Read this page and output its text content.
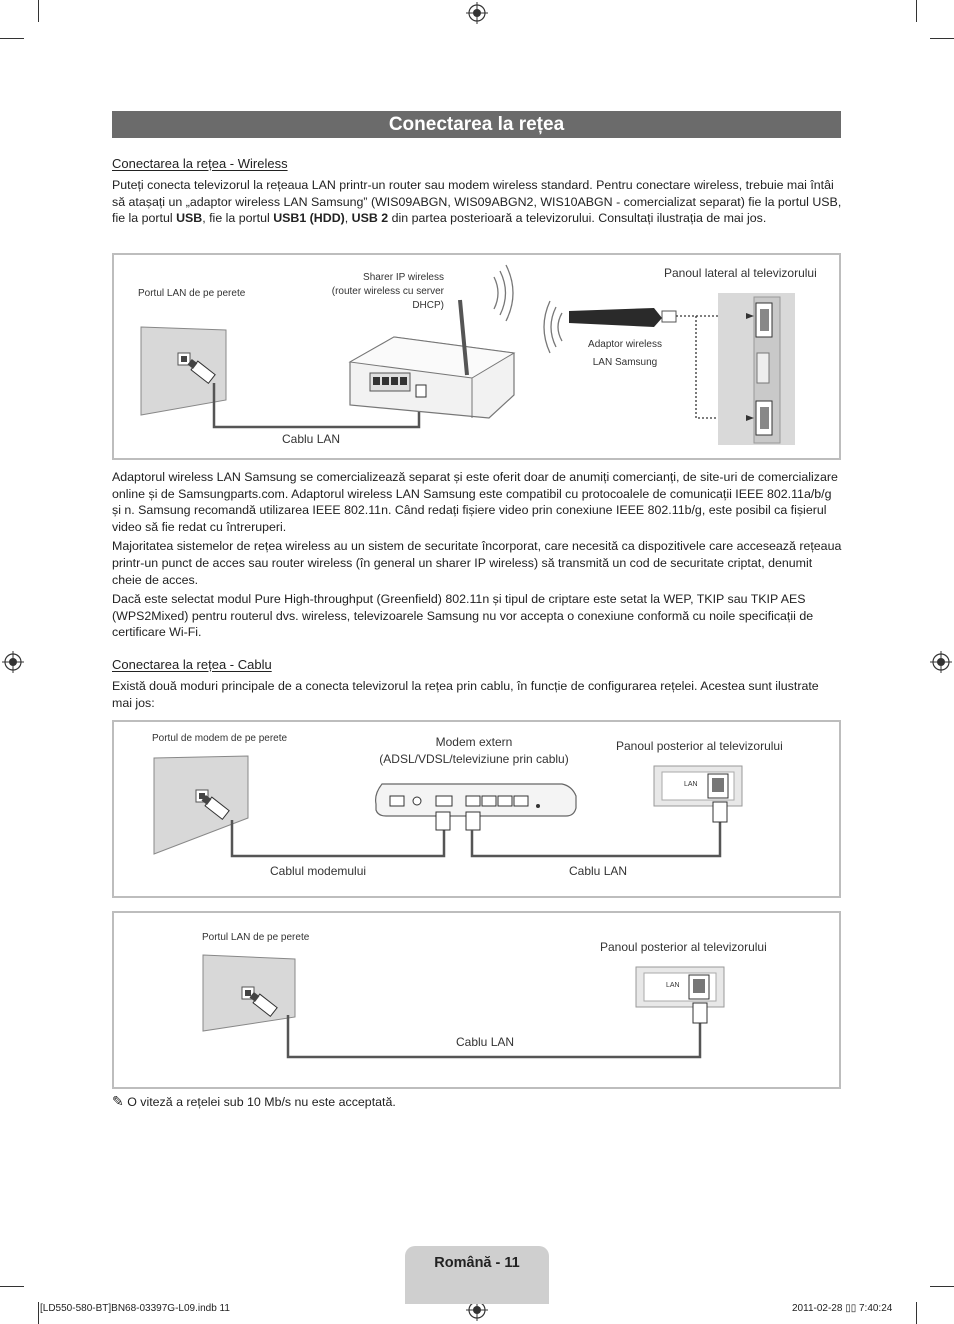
Conectarea la rețea
Conectarea la rețea - Wireless

Puteți conecta televizorul la rețeaua LAN printr-un router sau modem wireless standard. Pentru conectare wireless, trebuie mai întâi să atașați un „adaptor wireless LAN Samsung” (WIS09ABGN, WIS09ABGN2, WIS10ABGN - comercializat separat) fie la portul USB, fie la portul USB, fie la portul USB1 (HDD), USB 2 din partea posterioară a televizorului. Consultați ilustrația de mai jos.

Portul LAN de pe perete
Sharer IP wireless
(router wireless cu server
DHCP)
Panoul lateral al televizorului
Adaptor wireless
LAN Samsung
Cablu LAN

Adaptorul wireless LAN Samsung se comercializează separat și este oferit doar de anumiți comercianți, de site-uri de comercializare online și de Samsungparts.com. Adaptorul wireless LAN Samsung este compatibil cu protocoalele de comunicații IEEE 802.11a/b/g și n. Samsung recomandă utilizarea IEEE 802.11n. Când redați fișiere video prin conexiune IEEE 802.11b/g, este posibil ca fișierul video să fie redat cu întreruperi.

Majoritatea sistemelor de rețea wireless au un sistem de securitate încorporat, care necesită ca dispozitivele care accesează rețeaua printr-un punct de acces sau router wireless (în general un sharer IP wireless) să transmită un cod de securitate criptat, denumit cheie de acces.

Dacă este selectat modul Pure High-throughput (Greenfield) 802.11n și tipul de criptare este setat la WEP, TKIP sau TKIP AES (WPS2Mixed) pentru routerul dvs. wireless, televizoarele Samsung nu vor accepta o conexiune conformă cu noile specificații de certificare Wi-Fi.

Conectarea la rețea - Cablu
Există două moduri principale de a conecta televizorul la rețea prin cablu, în funcție de configurarea rețelei. Acestea sunt ilustrate mai jos:
Portul de modem de pe perete	Modem extern
(ADSL/VDSL/televiziune prin cablu)
Panoul posterior al televizorului
LAN
Cablul modemului	Cablu LAN
Portul LAN de pe perete
Panoul posterior al televizorului
LAN
Cablu LAN
✎ O viteză a rețelei sub 10 Mb/s nu este acceptată.
Română - 11
[LD550-580-BT]BN68-03397G-L09.indb 11	2011-02-28 ▯▯ 7:40:24
